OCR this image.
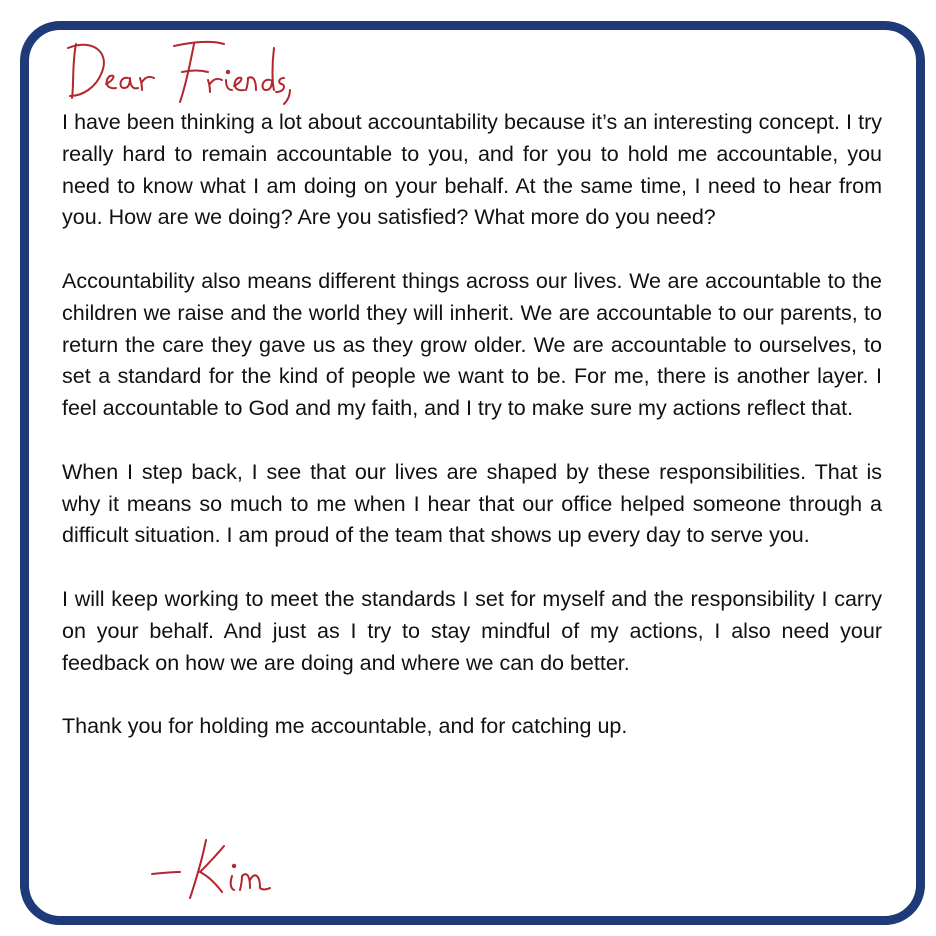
I have been thinking a lot about accountability because it’s an interesting concept. I try really hard to remain accountable to you, and for you to hold me accountable, you need to know what I am doing on your behalf. At the same time, I need to hear from you. How are we doing? Are you satisfied? What more do you need?

Accountability also means different things across our lives. We are accountable to the children we raise and the world they will inherit. We are accountable to our parents, to return the care they gave us as they grow older. We are accountable to ourselves, to set a standard for the kind of people we want to be. For me, there is another layer. I feel accountable to God and my faith, and I try to make sure my actions reflect that.

When I step back, I see that our lives are shaped by these responsibilities. That is why it means so much to me when I hear that our office helped someone through a difficult situation. I am proud of the team that shows up every day to serve you.

I will keep working to meet the standards I set for myself and the responsibility I carry on your behalf. And just as I try to stay mindful of my actions, I also need your feedback on how we are doing and where we can do better.

Thank you for holding me accountable, and for catching up.
